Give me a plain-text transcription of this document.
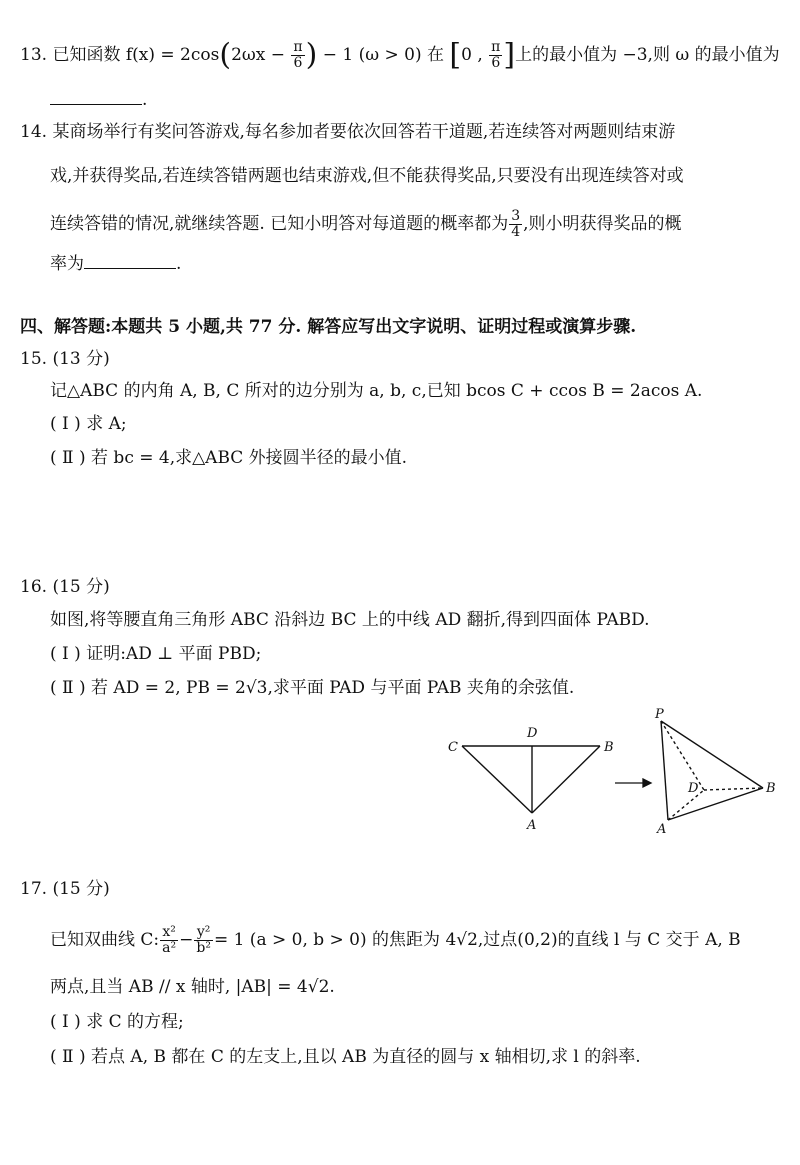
13. 已知函数 $f(x) = 2\cos(2\omega x - \frac{\pi}{6}$ ) − 1 (ω > 0) 在 [0 , $\frac{\pi}{6}$ ]上的最小值为 −3,则 ω 的最小值为
.
14. 某商场举行有奖问答游戏,每名参加者要依次回答若干道题,若连续答对两题则结束游
戏,并获得奖品,若连续答错两题也结束游戏,但不能获得奖品,只要没有出现连续答对或
连续答错的情况,就继续答题. 已知小明答对每道题的概率都为 $\frac{3}{4}$ ,则小明获得奖品的概
率为	.
四、解答题:本题共 5 小题,共 77 分. 解答应写出文字说明、证明过程或演算步骤.
15. (13 分)
记△ABC 的内角 A, B, C 所对的边分别为 a, b, c,已知 bcos C + ccos B = 2acos A.
( Ⅰ ) 求 A;
( Ⅱ ) 若 bc = 4,求△ABC 外接圆半径的最小值.
16. (15 分)
如图,将等腰直角三角形 ABC 沿斜边 BC 上的中线 AD 翻折,得到四面体 PABD.
( Ⅰ ) 证明:AD ⊥ 平面 PBD;
( Ⅱ ) 若 AD = 2, PB = 2√3,求平面 PAD 与平面 PAB 夹角的余弦值.
C
D
B
A
P
D	B
A
17. (15 分)
已知双曲线 C: $\frac{\text{x²}}{\text{a²}} - \frac{\text{y²}}{\text{b²}} = 1$ (a > 0, b > 0) 的焦距为 4√2,过点(0,2)的直线 l 与 C 交于 A, B
两点,且当 AB // x 轴时, |AB| = 4√2.
( Ⅰ ) 求 C 的方程;
( Ⅱ ) 若点 A, B 都在 C 的左支上,且以 AB 为直径的圆与 x 轴相切,求 l 的斜率.
